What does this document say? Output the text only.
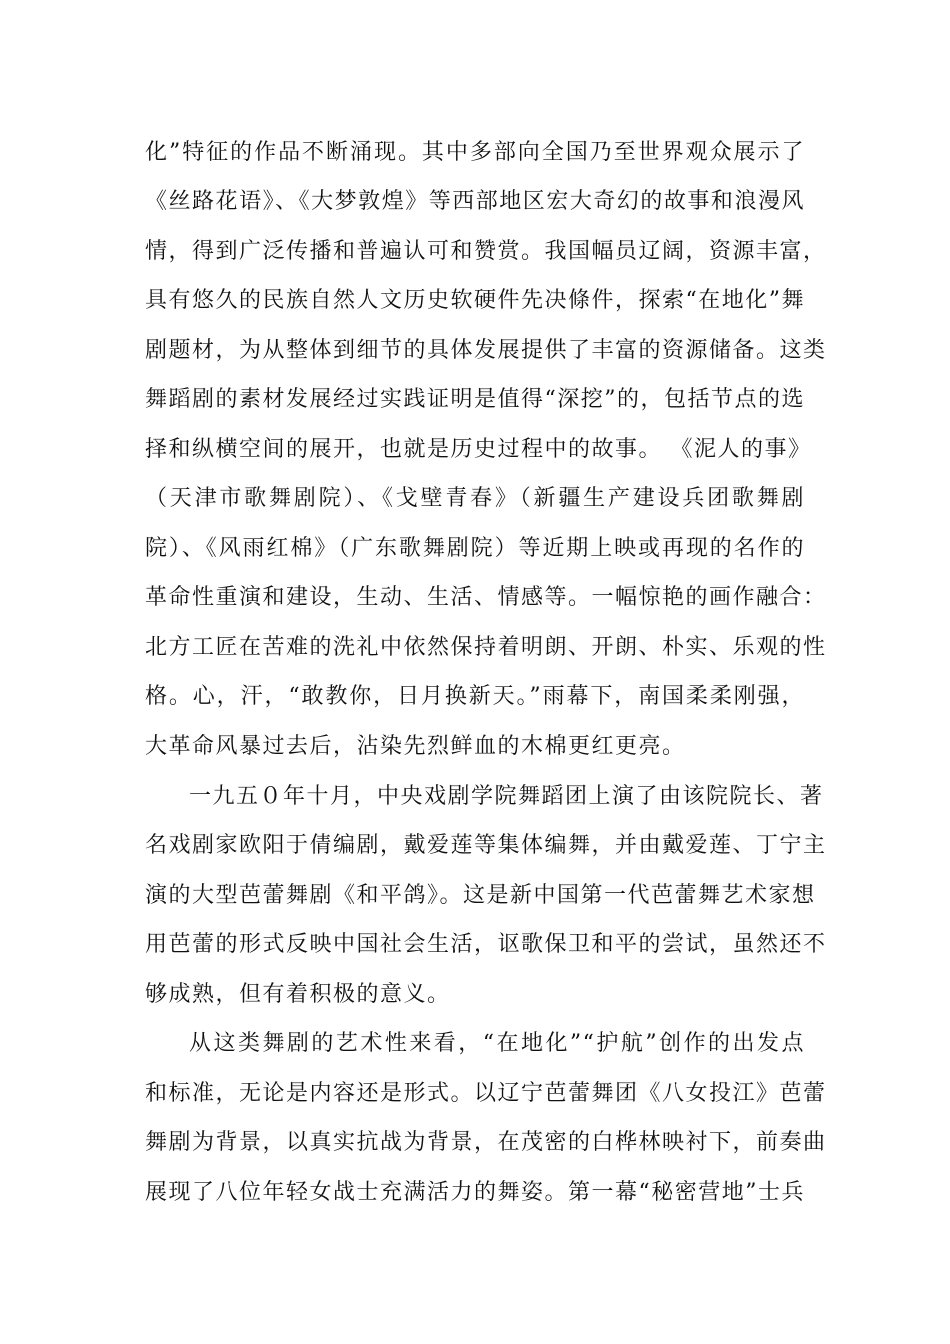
化”特征的作品不断涌现。其中多部向全国乃至世界观众展示了
《丝路花语》、《大梦敦煌》等西部地区宏大奇幻的故事和浪漫风
情，得到广泛传播和普遍认可和赞赏。我国幅员辽阔，资源丰富，
具有悠久的民族自然人文历史软硬件先决條件，探索“在地化”舞
剧题材，为从整体到细节的具体发展提供了丰富的资源储备。这类
舞蹈剧的素材发展经过实践证明是值得“深挖”的，包括节点的选
择和纵横空间的展开，也就是历史过程中的故事。 《泥人的事》
（天津市歌舞剧院）、《戈壁青春》（新疆生产建设兵团歌舞剧
院）、《风雨红棉》（广东歌舞剧院）等近期上映或再现的名作的
革命性重演和建设，生动、生活、情感等。一幅惊艳的画作融合：
北方工匠在苦难的洗礼中依然保持着明朗、开朗、朴实、乐观的性
格。心，汗，“敢教你，日月换新天。”雨幕下，南国柔柔刚强，
大革命风暴过去后，沾染先烈鲜血的木棉更红更亮。
一九五０年十月，中央戏剧学院舞蹈团上演了由该院院长、著
名戏剧家欧阳于倩编剧，戴爱莲等集体编舞，并由戴爱莲、丁宁主
演的大型芭蕾舞剧《和平鸽》。这是新中国第一代芭蕾舞艺术家想
用芭蕾的形式反映中国社会生活，讴歌保卫和平的尝试，虽然还不
够成熟，但有着积极的意义。
从这类舞剧的艺术性来看，“在地化”“护航”创作的出发点
和标准，无论是内容还是形式。以辽宁芭蕾舞团《八女投江》芭蕾
舞剧为背景，以真实抗战为背景，在茂密的白桦林映衬下，前奏曲
展现了八位年轻女战士充满活力的舞姿。第一幕“秘密营地”士兵
